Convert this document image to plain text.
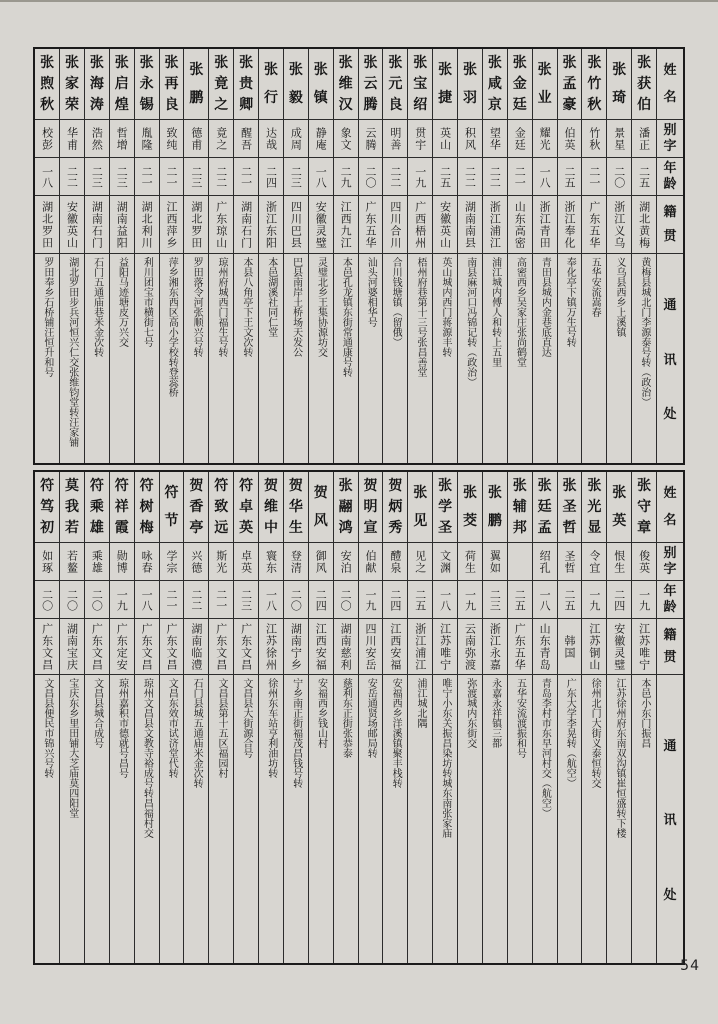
姓
名
别
字
年
龄
籍
贯
通
讯
处
张
获
伯
潘正
二五
湖北黄梅
黄梅县城北门李源泰号转（政治）
张
琦
景星
二〇
浙江义乌
义乌县西乡上溪镇
张
竹
秋
竹秋
二一
广东五华
五华安流嵩春
张
孟
豪
伯英
二五
浙江奉化
奉化亭下镇万生号转
张
业
耀光
一八
浙江青田
青田县城内金巷底直达
张
金
廷
金廷
二一
山东高密
高密西乡吴家庄张尚鹤堂
张
咸
京
望华
二二
浙江浦江
浦江城内傅人和转上五里
张
羽
积风
二二
湖南南县
南县麻河口冯锦记转（政治）
张
捷
英山
二五
安徽英山
英山城内西门蒋源丰转
张
宝
绍
贯宇
一九
广西梧州
梧州府巷第十三号张昌善堂
张
元
良
明善
二二
四川合川
合川钱塘镇（留俄）
张
云
腾
云腾
二〇
广东五华
汕头河婆相华号
张
维
汉
象文
二九
江西九江
本邑孔龙镇东街常通康号转
张
镇
静庵
一八
安徽灵璧
灵璧北乡王集协源坊交
张
毅
成周
二三
四川巴县
巴县南岸土桥场天发公
张
行
达哉
二四
浙江东阳
本邑湖溪社同仁堂
张
贵
卿
醒吾
二一
湖南石门
本县八角亭下王文次转
张
竟
之
竟之
二二
广东琼山
琼州府城西门福生号转
张
鹏
德甫
二三
湖北罗田
罗田落令河张顺兴号转
张
再
良
致纯
二一
江西萍乡
萍乡湘东西区高小学校转登蕊桥
张
永
锡
胤隆
二一
湖北利川
利川团宝市横街七号
张
启
煌
哲增
二三
湖南益阳
益阳马迹塘皮万兴交
张
海
涛
浩然
二三
湖南石门
石门五通庙巷米金次转
张
家
荣
华甫
二二
安徽英山
湖北罗田步兵河恒兴仁交张维钧堂转汪家铺
张
煦
秋
校彭
一八
湖北罗田
罗田奉乡石桥铺汪恒升和号
姓
名
别
字
年
龄
籍
贯
通
讯
处
张
守
章
俊英
一九
江苏唯宁
本邑小东门振昌
张
英
恨生
二四
安徽灵璧
江苏徐州府东南双沟镇崔恒盛转下楼
张
光
显
令宜
一九
江苏铜山
徐州北门大街义泰恒转交
张
圣
哲
圣哲
二五
韩国
广东大学李晃转（航空）
张
廷
孟
绍孔
一八
山东青岛
青岛李村市东早河村交（航空）
张
辅
邦
二五
广东五华
五华安流渡振和号
张
鹏
翼如
二三
浙江永嘉
永嘉永祥镇三都
张
茭
荷生
一九
云南弥渡
弥渡城内东街交
张
学
圣
文渊
一八
江苏唯宁
唯宁小东关振昌染坊转城东南张家庙
张
见
见之
二五
浙江浦江
浦江城北隅
贺
炳
秀
醴泉
二四
江西安福
安福西乡洋溪镇聚丰栈转
贺
明
宣
伯献
一九
四川安岳
安岳通贤场邮局转
张
翮
鸿
安泊
二〇
湖南慈利
慈利东正街张恭泰
贺
风
御风
二四
江西安福
安福西乡钱山村
贺
华
生
登清
二〇
湖南宁乡
宁乡南正街福茂昌钱号转
贺
维
中
寰东
一八
江苏徐州
徐州东车站亨利油坊转
符
卓
英
卓英
二三
广东文昌
文昌县大街源合号
符
致
远
斯光
二一
广东文昌
文昌县第十五区福园村
贺
香
亭
兴德
二二
湖南临澧
石门县城五通庙米金次转
符
节
学宗
二一
广东文昌
文昌东效市试济堂代转
符
树
梅
咏春
一八
广东文昌
琼州文昌县文教寺裕成号转昌福村交
符
祥
霞
勋博
一九
广东定安
琼州嘉积市德就号昌号
符
乘
雄
乘雄
二〇
广东文昌
文昌县城合成号
莫
我
若
若鳌
二〇
湖南宝庆
宝庆东乡里田铺大芝庙莫四阳堂
符
笃
初
如琢
二〇
广东文昌
文昌县便民市锦兴号转
54
